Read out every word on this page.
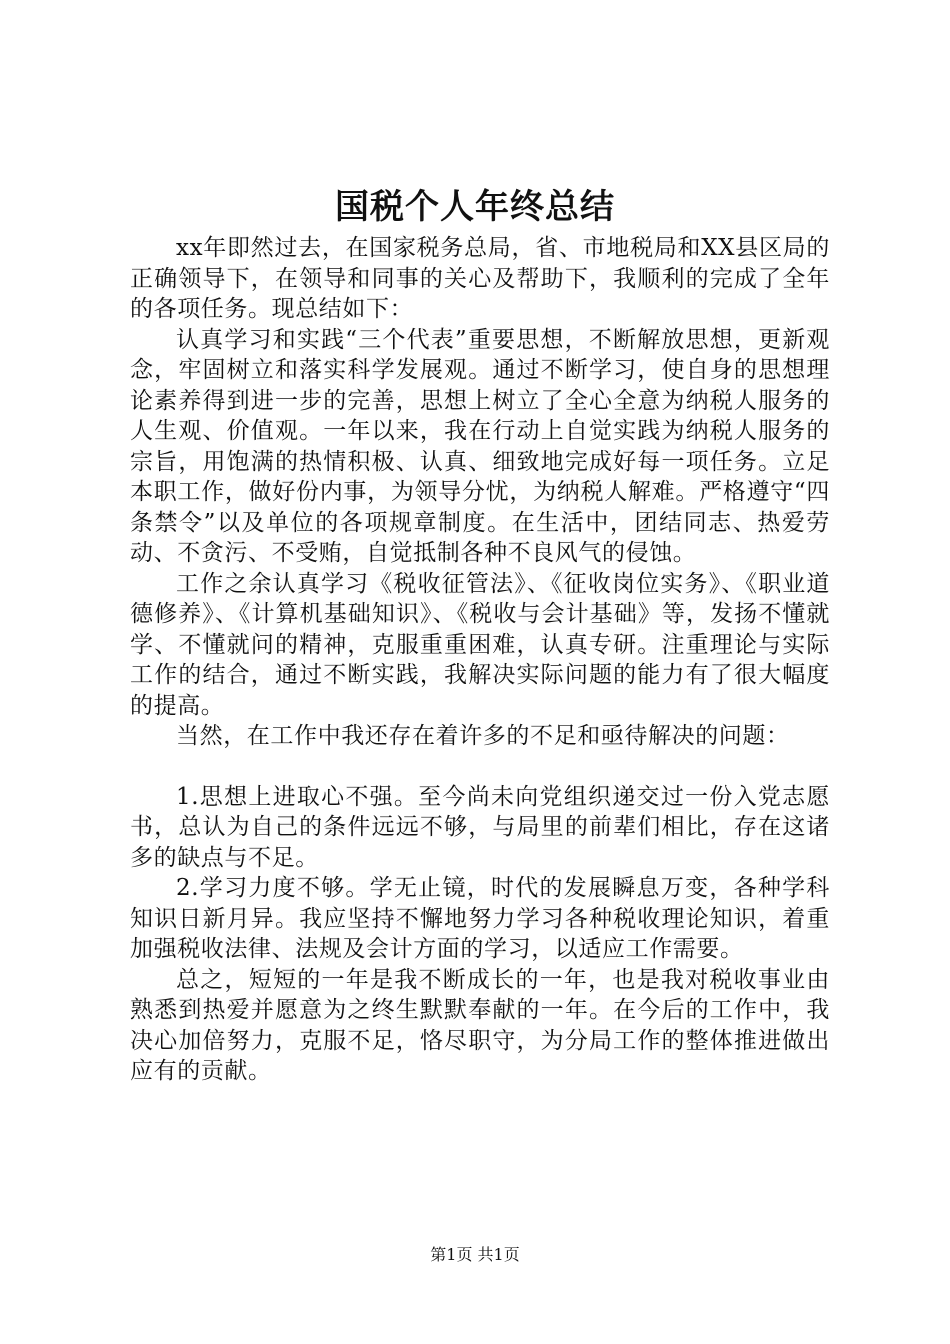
国税个人年终总结

xx年即然过去，在国家税务总局，省、市地税局和XX县区局的正确领导下，在领导和同事的关心及帮助下，我顺利的完成了全年的各项任务。现总结如下：

认真学习和实践“三个代表”重要思想，不断解放思想，更新观念，牢固树立和落实科学发展观。通过不断学习，使自身的思想理论素养得到进一步的完善，思想上树立了全心全意为纳税人服务的人生观、价值观。一年以来，我在行动上自觉实践为纳税人服务的宗旨，用饱满的热情积极、认真、细致地完成好每一项任务。立足本职工作，做好份内事，为领导分忧，为纳税人解难。严格遵守“四条禁令”以及单位的各项规章制度。在生活中，团结同志、热爱劳动、不贪污、不受贿，自觉抵制各种不良风气的侵蚀。

工作之余认真学习《税收征管法》、《征收岗位实务》、《职业道德修养》、《计算机基础知识》、《税收与会计基础》等，发扬不懂就学、不懂就问的精神，克服重重困难，认真专研。注重理论与实际工作的结合，通过不断实践，我解决实际问题的能力有了很大幅度的提高。

当然，在工作中我还存在着许多的不足和亟待解决的问题：

1.思想上进取心不强。至今尚未向党组织递交过一份入党志愿书，总认为自己的条件远远不够，与局里的前辈们相比，存在这诸多的缺点与不足。

2.学习力度不够。学无止镜，时代的发展瞬息万变，各种学科知识日新月异。我应坚持不懈地努力学习各种税收理论知识，着重加强税收法律、法规及会计方面的学习，以适应工作需要。

总之，短短的一年是我不断成长的一年，也是我对税收事业由熟悉到热爱并愿意为之终生默默奉献的一年。在今后的工作中，我决心加倍努力，克服不足，恪尽职守，为分局工作的整体推进做出应有的贡献。

第1页 共1页
